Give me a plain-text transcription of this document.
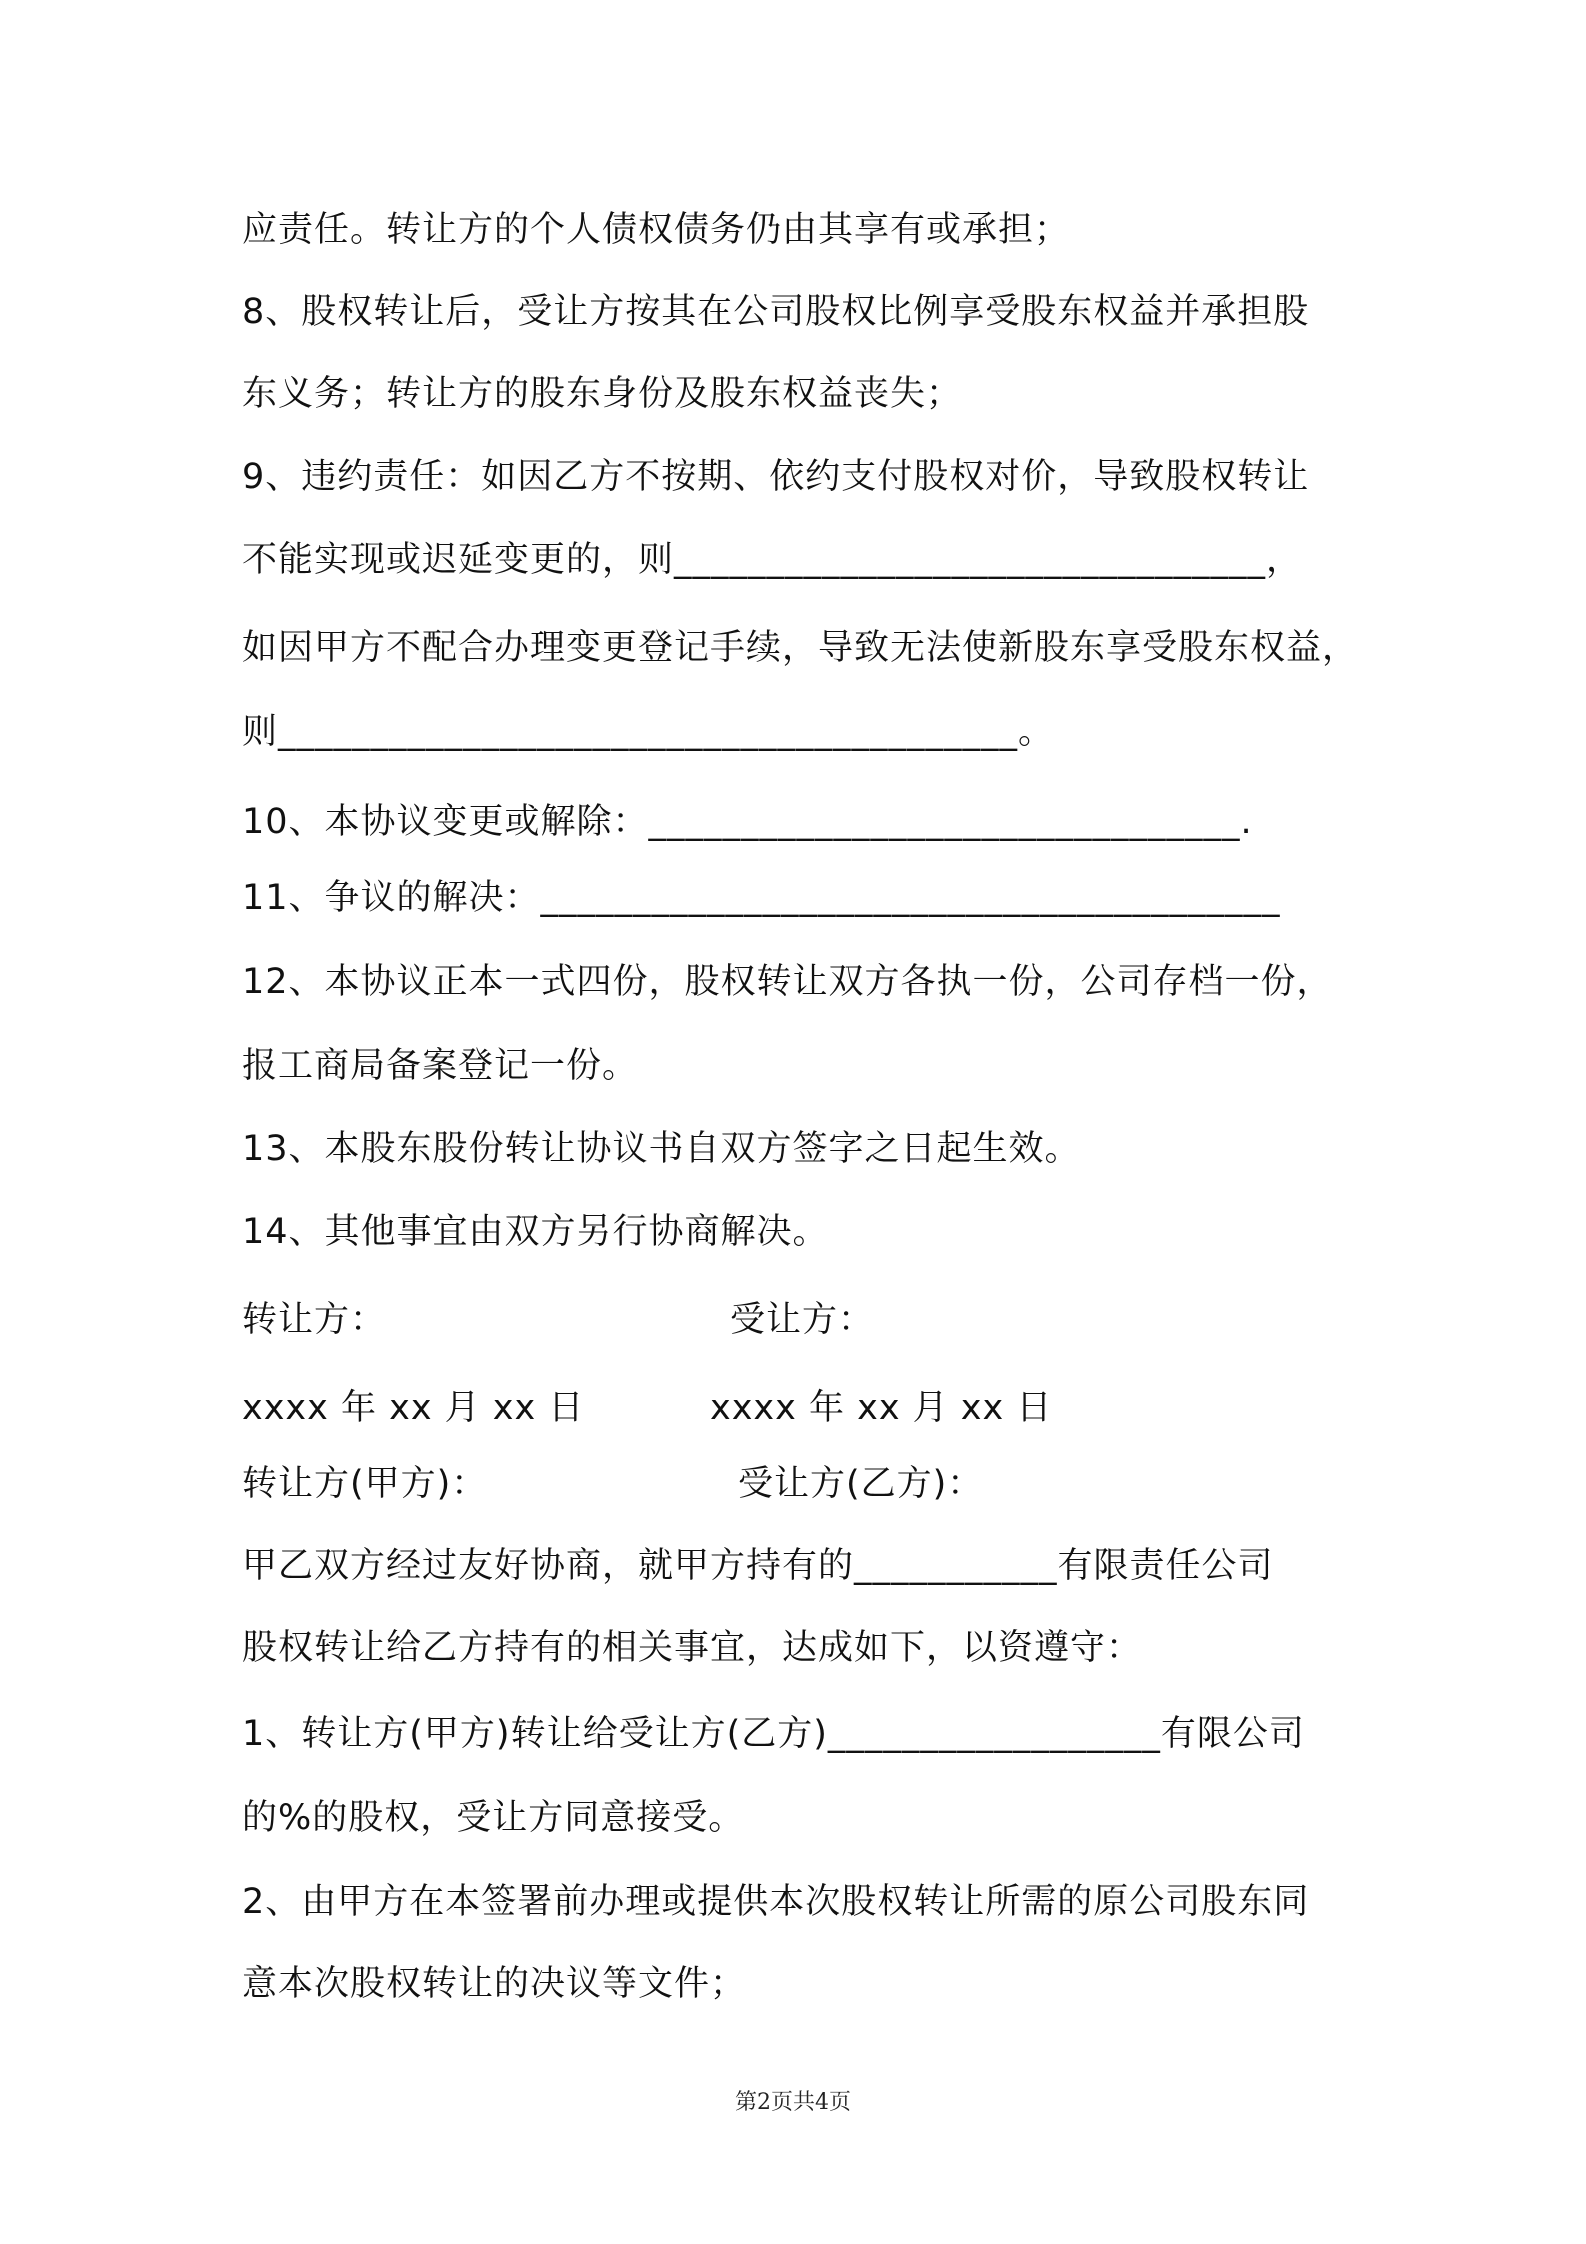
应责任。转让方的个人债权债务仍由其享有或承担；
8、股权转让后，受让方按其在公司股权比例享受股东权益并承担股
东义务；转让方的股东身份及股东权益丧失；
9、违约责任：如因乙方不按期、依约支付股权对价，导致股权转让
不能实现或迟延变更的，则________________________________，
如因甲方不配合办理变更登记手续，导致无法使新股东享受股东权益，
则________________________________________。
10、本协议变更或解除：________________________________.
11、争议的解决：________________________________________
12、本协议正本一式四份，股权转让双方各执一份，公司存档一份，
报工商局备案登记一份。
13、本股东股份转让协议书自双方签字之日起生效。
14、其他事宜由双方另行协商解决。
转让方：	受让方：
xxxx 年 xx 月 xx 日	xxxx 年 xx 月 xx 日
转让方(甲方)：	受让方(乙方)：
甲乙双方经过友好协商，就甲方持有的___________有限责任公司
股权转让给乙方持有的相关事宜，达成如下，以资遵守：
1、转让方(甲方)转让给受让方(乙方)__________________有限公司
的%的股权，受让方同意接受。
2、由甲方在本签署前办理或提供本次股权转让所需的原公司股东同
意本次股权转让的决议等文件；
第2页共4页
